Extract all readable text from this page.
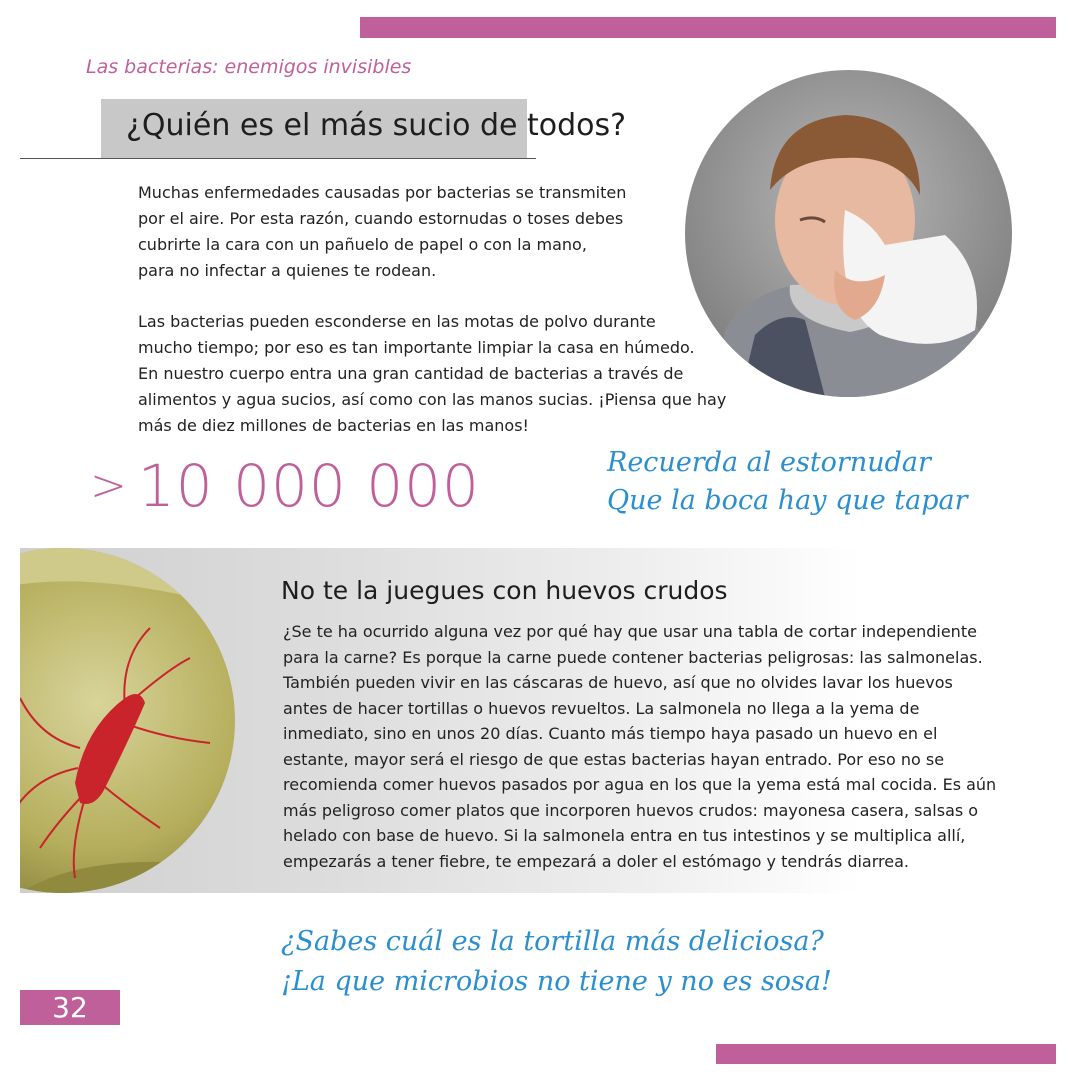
Las bacterias: enemigos invisibles
¿Quién es el más sucio de todos?
Muchas enfermedades causadas por bacterias se transmiten
por el aire. Por esta razón, cuando estornudas o toses debes
cubrirte la cara con un pañuelo de papel o con la mano,
para no infectar a quienes te rodean.
Las bacterias pueden esconderse en las motas de polvo durante
mucho tiempo; por eso es tan importante limpiar la casa en húmedo.
En nuestro cuerpo entra una gran cantidad de bacterias a través de
alimentos y agua sucios, así como con las manos sucias. ¡Piensa que hay
más de diez millones de bacterias en las manos!
> 10 000 000	Recuerda al estornudar
Que la boca hay que tapar
No te la juegues con huevos crudos
¿Se te ha ocurrido alguna vez por qué hay que usar una tabla de cortar independiente
para la carne? Es porque la carne puede contener bacterias peligrosas: las salmonelas.
También pueden vivir en las cáscaras de huevo, así que no olvides lavar los huevos
antes de hacer tortillas o huevos revueltos. La salmonela no llega a la yema de
inmediato, sino en unos 20 días. Cuanto más tiempo haya pasado un huevo en el
estante, mayor será el riesgo de que estas bacterias hayan entrado. Por eso no se
recomienda comer huevos pasados por agua en los que la yema está mal cocida. Es aún
más peligroso comer platos que incorporen huevos crudos: mayonesa casera, salsas o
helado con base de huevo. Si la salmonela entra en tus intestinos y se multiplica allí,
empezarás a tener fiebre, te empezará a doler el estómago y tendrás diarrea.
¿Sabes cuál es la tortilla más deliciosa?
¡La que microbios no tiene y no es sosa!
32
